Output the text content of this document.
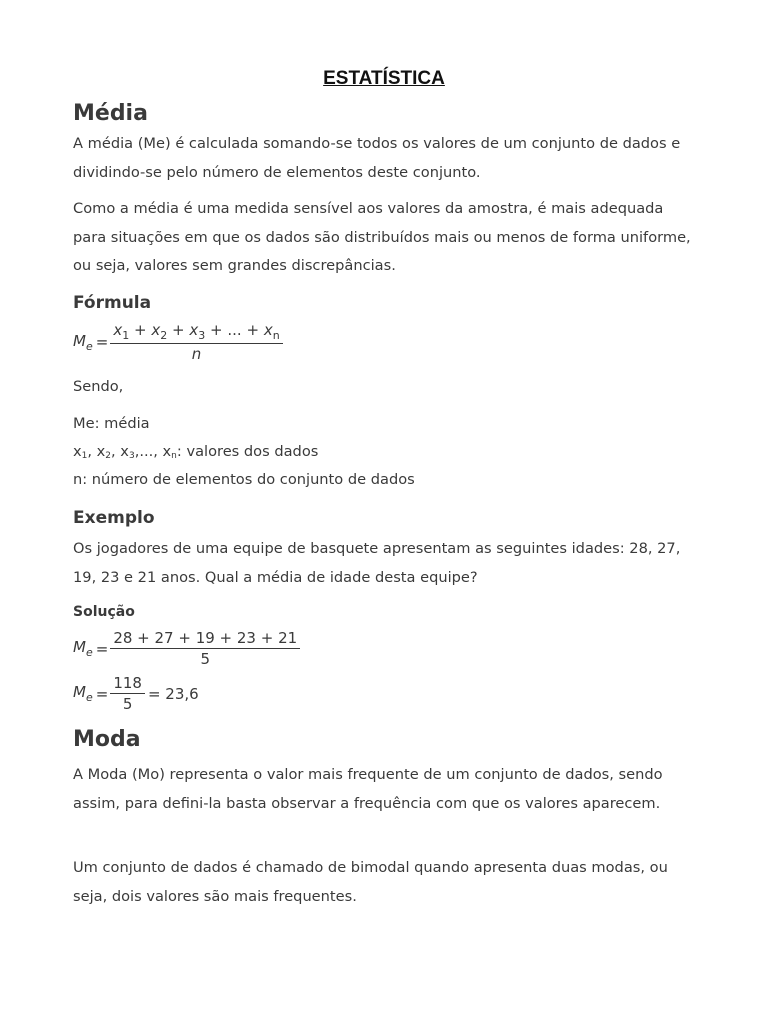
ESTATÍSTICA
Média

A média (Me) é calculada somando-se todos os valores de um conjunto de dados e dividindo-se pelo número de elementos deste conjunto.

Como a média é uma medida sensível aos valores da amostra, é mais adequada para situações em que os dados são distribuídos mais ou menos de forma uniforme, ou seja, valores sem grandes discrepâncias.

Fórmula
$M_e$ =
$x_1 + x_2 + x_3$ + ... + $x_n$
n

Sendo,

Me: média

$x_1$, $x_2$, $x_3$,..., $x_n$: valores dos dados

n: número de elementos do conjunto de dados

Exemplo

Os jogadores de uma equipe de basquete apresentam as seguintes idades: 28, 27, 19, 23 e 21 anos. Qual a média de idade desta equipe?

Solução
$M_e = \frac{28 + 27 + 19 + 23 + 21}{5}$
$M_e = \frac{118}{5} = 23,6$
Moda

A Moda (Mo) representa o valor mais frequente de um conjunto de dados, sendo assim, para defini-la basta observar a frequência com que os valores aparecem.

Um conjunto de dados é chamado de bimodal quando apresenta duas modas, ou seja, dois valores são mais frequentes.
